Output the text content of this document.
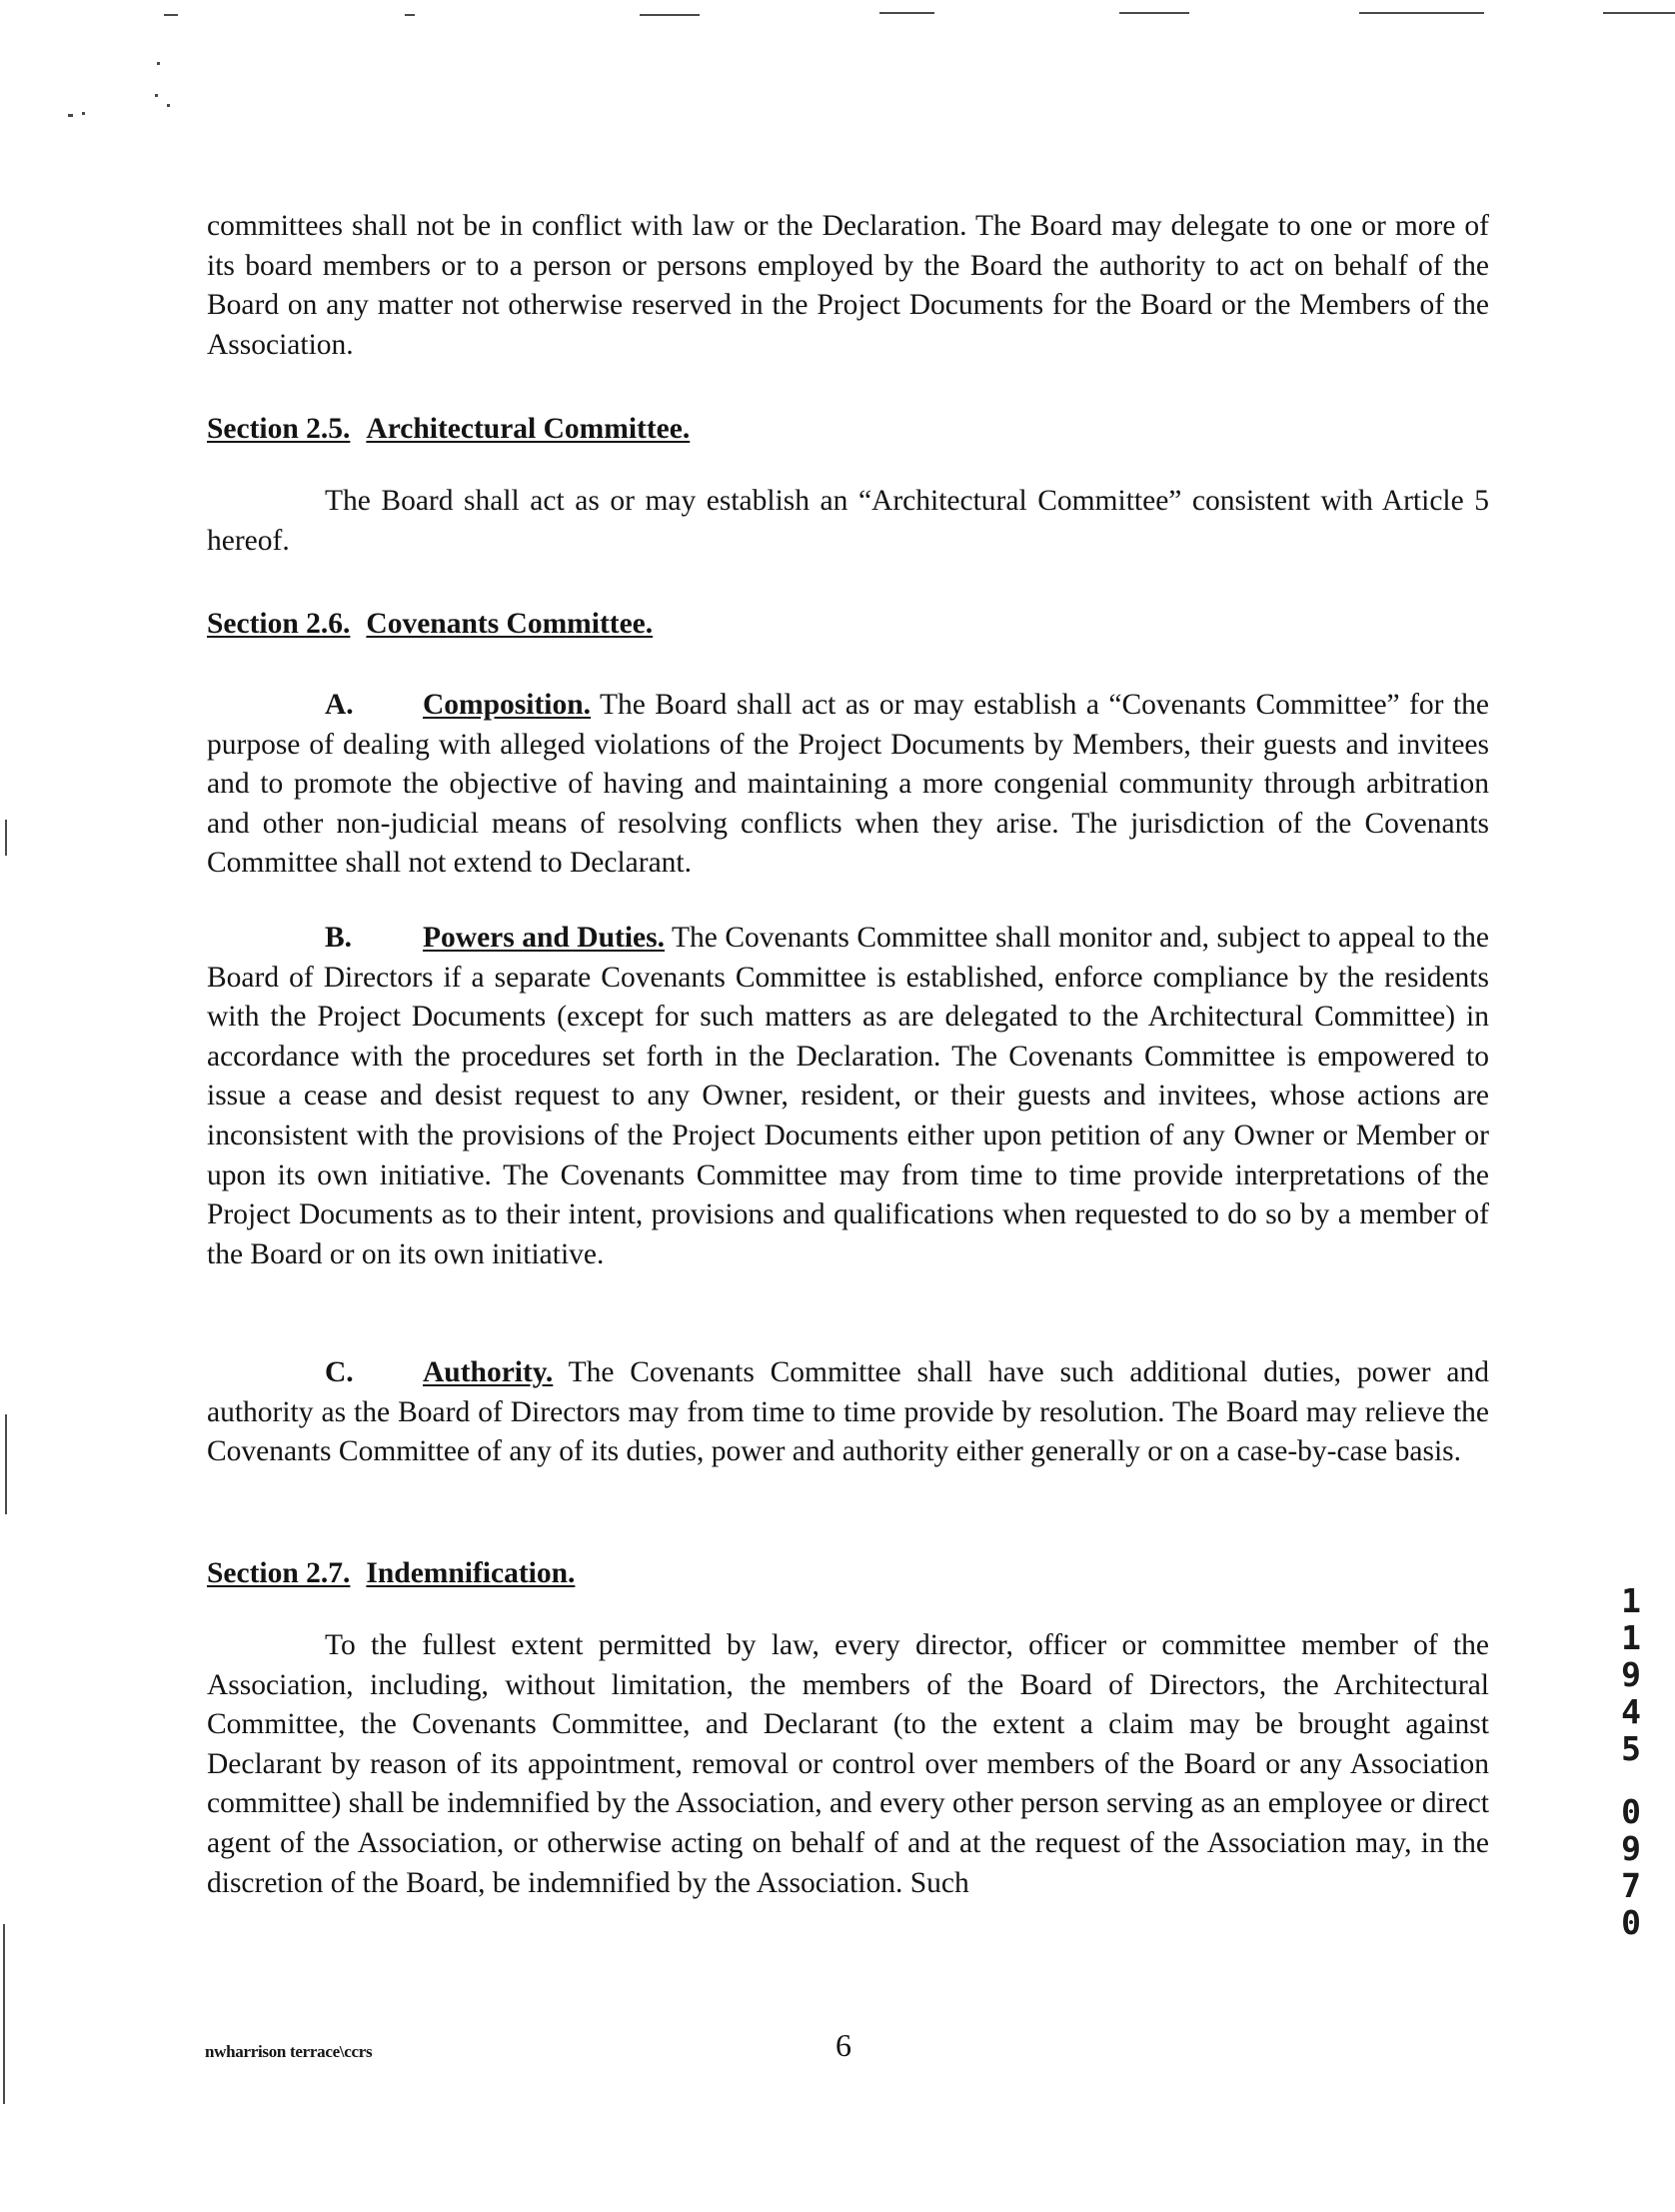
committees shall not be in conflict with law or the Declaration. The Board may delegate to one or more of its board members or to a person or persons employed by the Board the authority to act on behalf of the Board on any matter not otherwise reserved in the Project Documents for the Board or the Members of the Association.

Section 2.5. Architectural Committee.

The Board shall act as or may establish an “Architectural Committee” consistent with Article 5 hereof.

Section 2.6. Covenants Committee.

A. Composition. The Board shall act as or may establish a “Covenants Committee” for the purpose of dealing with alleged violations of the Project Documents by Members, their guests and invitees and to promote the objective of having and maintaining a more congenial community through arbitration and other non-judicial means of resolving conflicts when they arise. The jurisdiction of the Covenants Committee shall not extend to Declarant.

B. Powers and Duties. The Covenants Committee shall monitor and, subject to appeal to the Board of Directors if a separate Covenants Committee is established, enforce compliance by the residents with the Project Documents (except for such matters as are delegated to the Architectural Committee) in accordance with the procedures set forth in the Declaration. The Covenants Committee is empowered to issue a cease and desist request to any Owner, resident, or their guests and invitees, whose actions are inconsistent with the provisions of the Project Documents either upon petition of any Owner or Member or upon its own initiative. The Covenants Committee may from time to time provide interpretations of the Project Documents as to their intent, provisions and qualifications when requested to do so by a member of the Board or on its own initiative.

C. Authority. The Covenants Committee shall have such additional duties, power and authority as the Board of Directors may from time to time provide by resolution. The Board may relieve the Covenants Committee of any of its duties, power and authority either generally or on a case-by-case basis.

Section 2.7. Indemnification.

To the fullest extent permitted by law, every director, officer or committee member of the Association, including, without limitation, the members of the Board of Directors, the Architectural Committee, the Covenants Committee, and Declarant (to the extent a claim may be brought against Declarant by reason of its appointment, removal or control over members of the Board or any Association committee) shall be indemnified by the Association, and every other person serving as an employee or direct agent of the Association, or otherwise acting on behalf of and at the request of the Association may, in the discretion of the Board, be indemnified by the Association. Such

nwharrison terrace\ccrs	6
1
1
9
4
5
0
9
7
0
